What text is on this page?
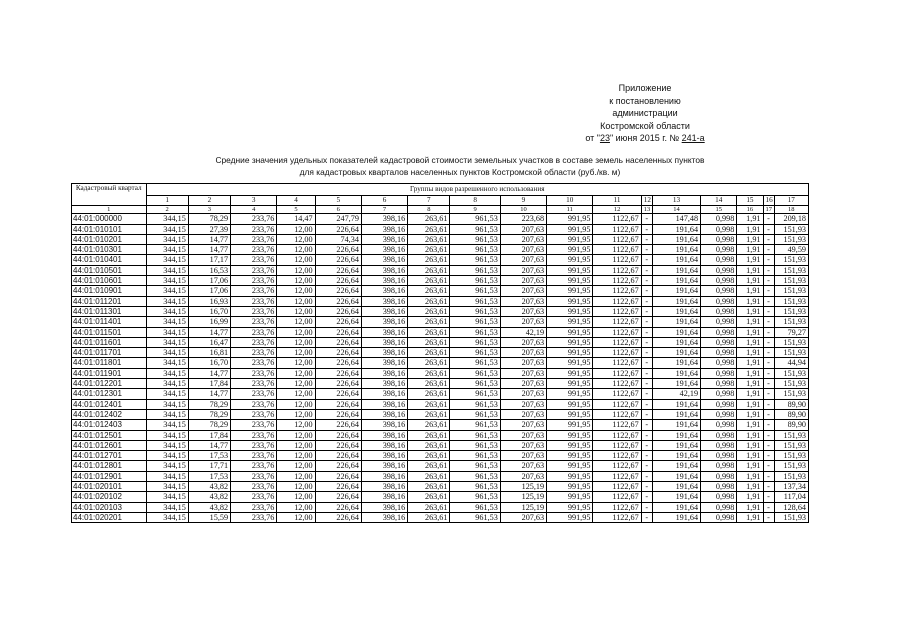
Приложение
к постановлению
администрации
Костромской области
от "23" июня 2015 г. № 241-а
Средние значения удельных показателей кадастровой стоимости земельных участков в составе земель населенных пунктов
для кадастровых кварталов населенных пунктов Костромской области (руб./кв. м)
Кадастровый квартал	Группы видов разрешенного использования																
	1	2	3	4	5	6	7	8	9	10	11	12	13	14	15	16	17
1	2	3	4	5	6	7	8	9	10	11	12	13	14	15	16	17	18
44:01:000000	344,15	78,29	233,76	14,47	247,79	398,16	263,61	961,53	223,68	991,95	1122,67	-	147,48	0,998	1,91	-	209,18
44:01:010101	344,15	27,39	233,76	12,00	226,64	398,16	263,61	961,53	207,63	991,95	1122,67	-	191,64	0,998	1,91	-	151,93
44:01:010201	344,15	14,77	233,76	12,00	74,34	398,16	263,61	961,53	207,63	991,95	1122,67	-	191,64	0,998	1,91	-	151,93
44:01:010301	344,15	14,77	233,76	12,00	226,64	398,16	263,61	961,53	207,63	991,95	1122,67	-	191,64	0,998	1,91	-	49,59
44:01:010401	344,15	17,17	233,76	12,00	226,64	398,16	263,61	961,53	207,63	991,95	1122,67	-	191,64	0,998	1,91	-	151,93
44:01:010501	344,15	16,53	233,76	12,00	226,64	398,16	263,61	961,53	207,63	991,95	1122,67	-	191,64	0,998	1,91	-	151,93
44:01:010601	344,15	17,06	233,76	12,00	226,64	398,16	263,61	961,53	207,63	991,95	1122,67	-	191,64	0,998	1,91	-	151,93
44:01:010901	344,15	17,06	233,76	12,00	226,64	398,16	263,61	961,53	207,63	991,95	1122,67	-	191,64	0,998	1,91	-	151,93
44:01:011201	344,15	16,93	233,76	12,00	226,64	398,16	263,61	961,53	207,63	991,95	1122,67	-	191,64	0,998	1,91	-	151,93
44:01:011301	344,15	16,70	233,76	12,00	226,64	398,16	263,61	961,53	207,63	991,95	1122,67	-	191,64	0,998	1,91	-	151,93
44:01:011401	344,15	16,99	233,76	12,00	226,64	398,16	263,61	961,53	207,63	991,95	1122,67	-	191,64	0,998	1,91	-	151,93
44:01:011501	344,15	14,77	233,76	12,00	226,64	398,16	263,61	961,53	42,19	991,95	1122,67	-	191,64	0,998	1,91	-	79,27
44:01:011601	344,15	16,47	233,76	12,00	226,64	398,16	263,61	961,53	207,63	991,95	1122,67	-	191,64	0,998	1,91	-	151,93
44:01:011701	344,15	16,81	233,76	12,00	226,64	398,16	263,61	961,53	207,63	991,95	1122,67	-	191,64	0,998	1,91	-	151,93
44:01:011801	344,15	16,70	233,76	12,00	226,64	398,16	263,61	961,53	207,63	991,95	1122,67	-	191,64	0,998	1,91	-	44,94
44:01:011901	344,15	14,77	233,76	12,00	226,64	398,16	263,61	961,53	207,63	991,95	1122,67	-	191,64	0,998	1,91	-	151,93
44:01:012201	344,15	17,84	233,76	12,00	226,64	398,16	263,61	961,53	207,63	991,95	1122,67	-	191,64	0,998	1,91	-	151,93
44:01:012301	344,15	14,77	233,76	12,00	226,64	398,16	263,61	961,53	207,63	991,95	1122,67	-	42,19	0,998	1,91	-	151,93
44:01:012401	344,15	78,29	233,76	12,00	226,64	398,16	263,61	961,53	207,63	991,95	1122,67	-	191,64	0,998	1,91	-	89,90
44:01:012402	344,15	78,29	233,76	12,00	226,64	398,16	263,61	961,53	207,63	991,95	1122,67	-	191,64	0,998	1,91	-	89,90
44:01:012403	344,15	78,29	233,76	12,00	226,64	398,16	263,61	961,53	207,63	991,95	1122,67	-	191,64	0,998	1,91	-	89,90
44:01:012501	344,15	17,84	233,76	12,00	226,64	398,16	263,61	961,53	207,63	991,95	1122,67	-	191,64	0,998	1,91	-	151,93
44:01:012601	344,15	14,77	233,76	12,00	226,64	398,16	263,61	961,53	207,63	991,95	1122,67	-	191,64	0,998	1,91	-	151,93
44:01:012701	344,15	17,53	233,76	12,00	226,64	398,16	263,61	961,53	207,63	991,95	1122,67	-	191,64	0,998	1,91	-	151,93
44:01:012801	344,15	17,71	233,76	12,00	226,64	398,16	263,61	961,53	207,63	991,95	1122,67	-	191,64	0,998	1,91	-	151,93
44:01:012901	344,15	17,53	233,76	12,00	226,64	398,16	263,61	961,53	207,63	991,95	1122,67	-	191,64	0,998	1,91	-	151,93
44:01:020101	344,15	43,82	233,76	12,00	226,64	398,16	263,61	961,53	125,19	991,95	1122,67	-	191,64	0,998	1,91	-	137,34
44:01:020102	344,15	43,82	233,76	12,00	226,64	398,16	263,61	961,53	125,19	991,95	1122,67	-	191,64	0,998	1,91	-	117,04
44:01:020103	344,15	43,82	233,76	12,00	226,64	398,16	263,61	961,53	125,19	991,95	1122,67	-	191,64	0,998	1,91	-	128,64
44:01:020201	344,15	15,59	233,76	12,00	226,64	398,16	263,61	961,53	207,63	991,95	1122,67	-	191,64	0,998	1,91	-	151,93
